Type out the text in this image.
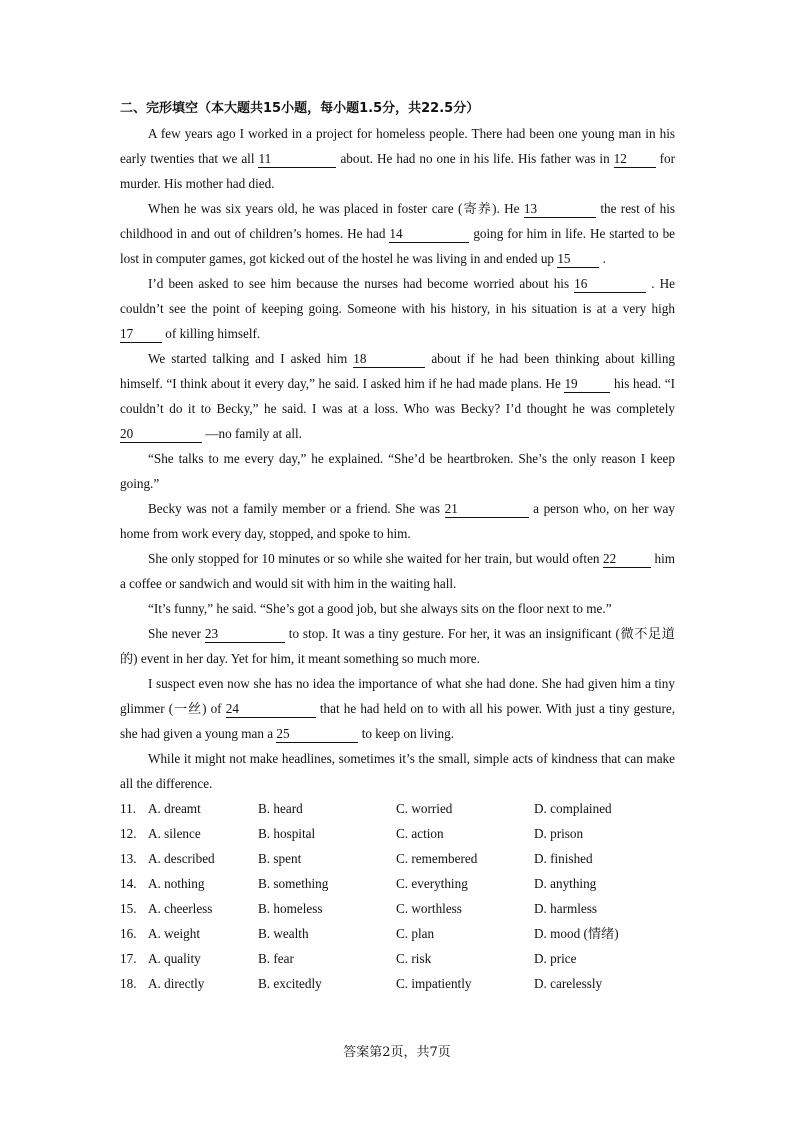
二、完形填空（本大题共15小题，每小题1.5分，共22.5分）

A few years ago I worked in a project for homeless people. There had been one young man in his early twenties that we all 11	about. He had no one in his life. His father was in 12 for murder. His mother had died.

When he was six years old, he was placed in foster care (寄养). He 13	the rest of his childhood in and out of children’s homes. He had 14	going for him in life. He started to be lost in computer games, got kicked out of the hostel he was living in and ended up 15 .

I’d been asked to see him because the nurses had become worried about his 16	. He couldn’t see the point of keeping going. Someone with his history, in his situation is at a very high 17 of killing himself.

We started talking and I asked him 18	about if he had been thinking about killing himself. “I think about it every day,” he said. I asked him if he had made plans. He 19	his head. “I couldn’t do it to Becky,” he said. I was at a loss. Who was Becky? I’d thought he was completely 20	—no family at all.

“She talks to me every day,” he explained. “She’d be heartbroken. She’s the only reason I keep going.”

Becky was not a family member or a friend. She was 21	a person who, on her way home from work every day, stopped, and spoke to him.

She only stopped for 10 minutes or so while she waited for her train, but would often 22	him a coffee or sandwich and would sit with him in the waiting hall.

“It’s funny,” he said. “She’s got a good job, but she always sits on the floor next to me.”

She never 23	to stop. It was a tiny gesture. For her, it was an insignificant (微不足道的) event in her day. Yet for him, it meant something so much more.

I suspect even now she has no idea the importance of what she had done. She had given him a tiny glimmer (一丝) of 24	that he had held on to with all his power. With just a tiny gesture, she had given a young man a 25	to keep on living.

While it might not make headlines, sometimes it’s the small, simple acts of kindness that can make all the difference.

11. A. dreamt	B. heard	C. worried	D. complained
12. A. silence	B. hospital	C. action	D. prison
13. A. described	B. spent	C. remembered	D. finished
14. A. nothing	B. something	C. everything	D. anything
15. A. cheerless	B. homeless	C. worthless	D. harmless
16. A. weight	B. wealth	C. plan	D. mood (情绪)
17. A. quality	B. fear	C. risk	D. price
18. A. directly	B. excitedly	C. impatiently	D. carelessly
答案第2页，共7页
